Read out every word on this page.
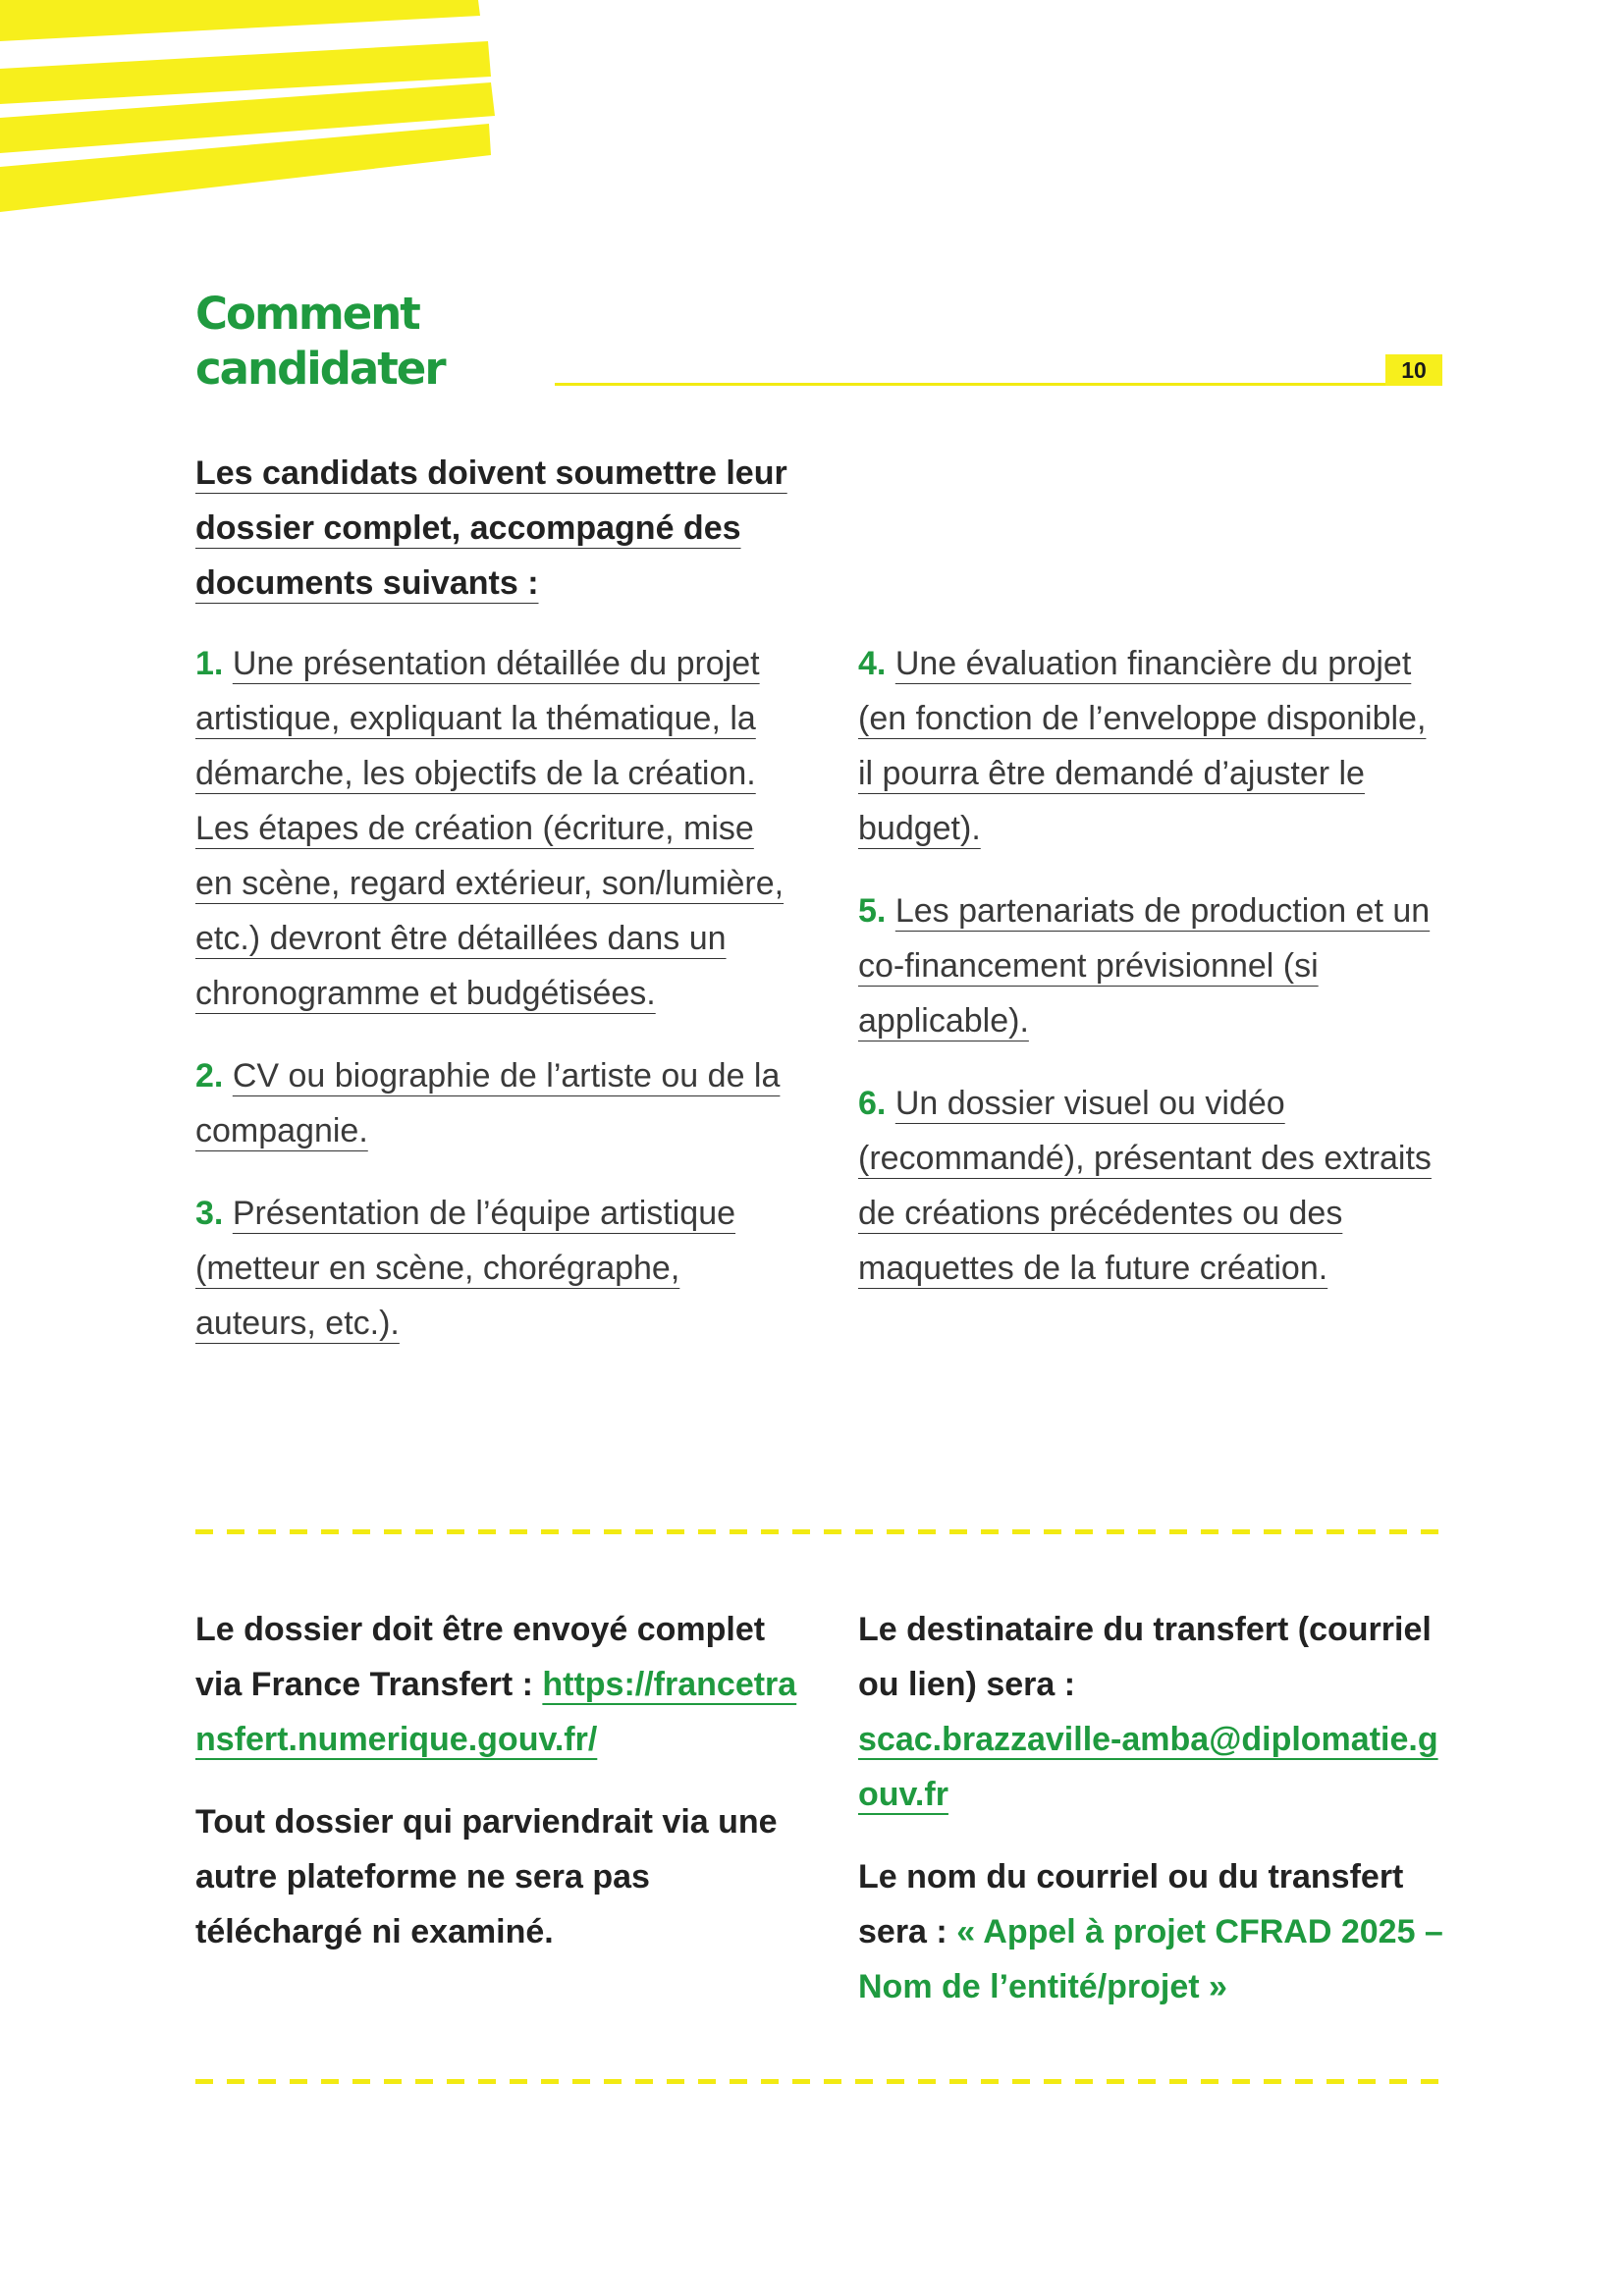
Comment
candidater	10
Les candidats doivent soumettre leur dossier complet, accompagné des documents suivants :
1. Une présentation détaillée du projet artistique, expliquant la thématique, la démarche, les objectifs de la création.
Les étapes de création (écriture, mise en scène, regard extérieur, son/lumière, etc.) devront être détaillées dans un chronogramme et budgétisées.
2. CV ou biographie de l’artiste ou de la compagnie.
3. Présentation de l’équipe artistique (metteur en scène, chorégraphe, auteurs, etc.).
4. Une évaluation financière du projet (en fonction de l’enveloppe disponible, il pourra être demandé d’ajuster le budget).
5. Les partenariats de production et un co-financement prévisionnel (si applicable).
6. Un dossier visuel ou vidéo (recommandé), présentant des extraits de créations précédentes ou des maquettes de la future création.

Le dossier doit être envoyé complet via France Transfert : https://francetransfert.numerique.gouv.fr/

Tout dossier qui parviendrait via une autre plateforme ne sera pas téléchargé ni examiné.

Le destinataire du transfert (courriel ou lien) sera :
scac.brazzaville-amba@diplomatie.gouv.fr

Le nom du courriel ou du transfert sera : « Appel à projet CFRAD 2025 – Nom de l’entité/projet »
